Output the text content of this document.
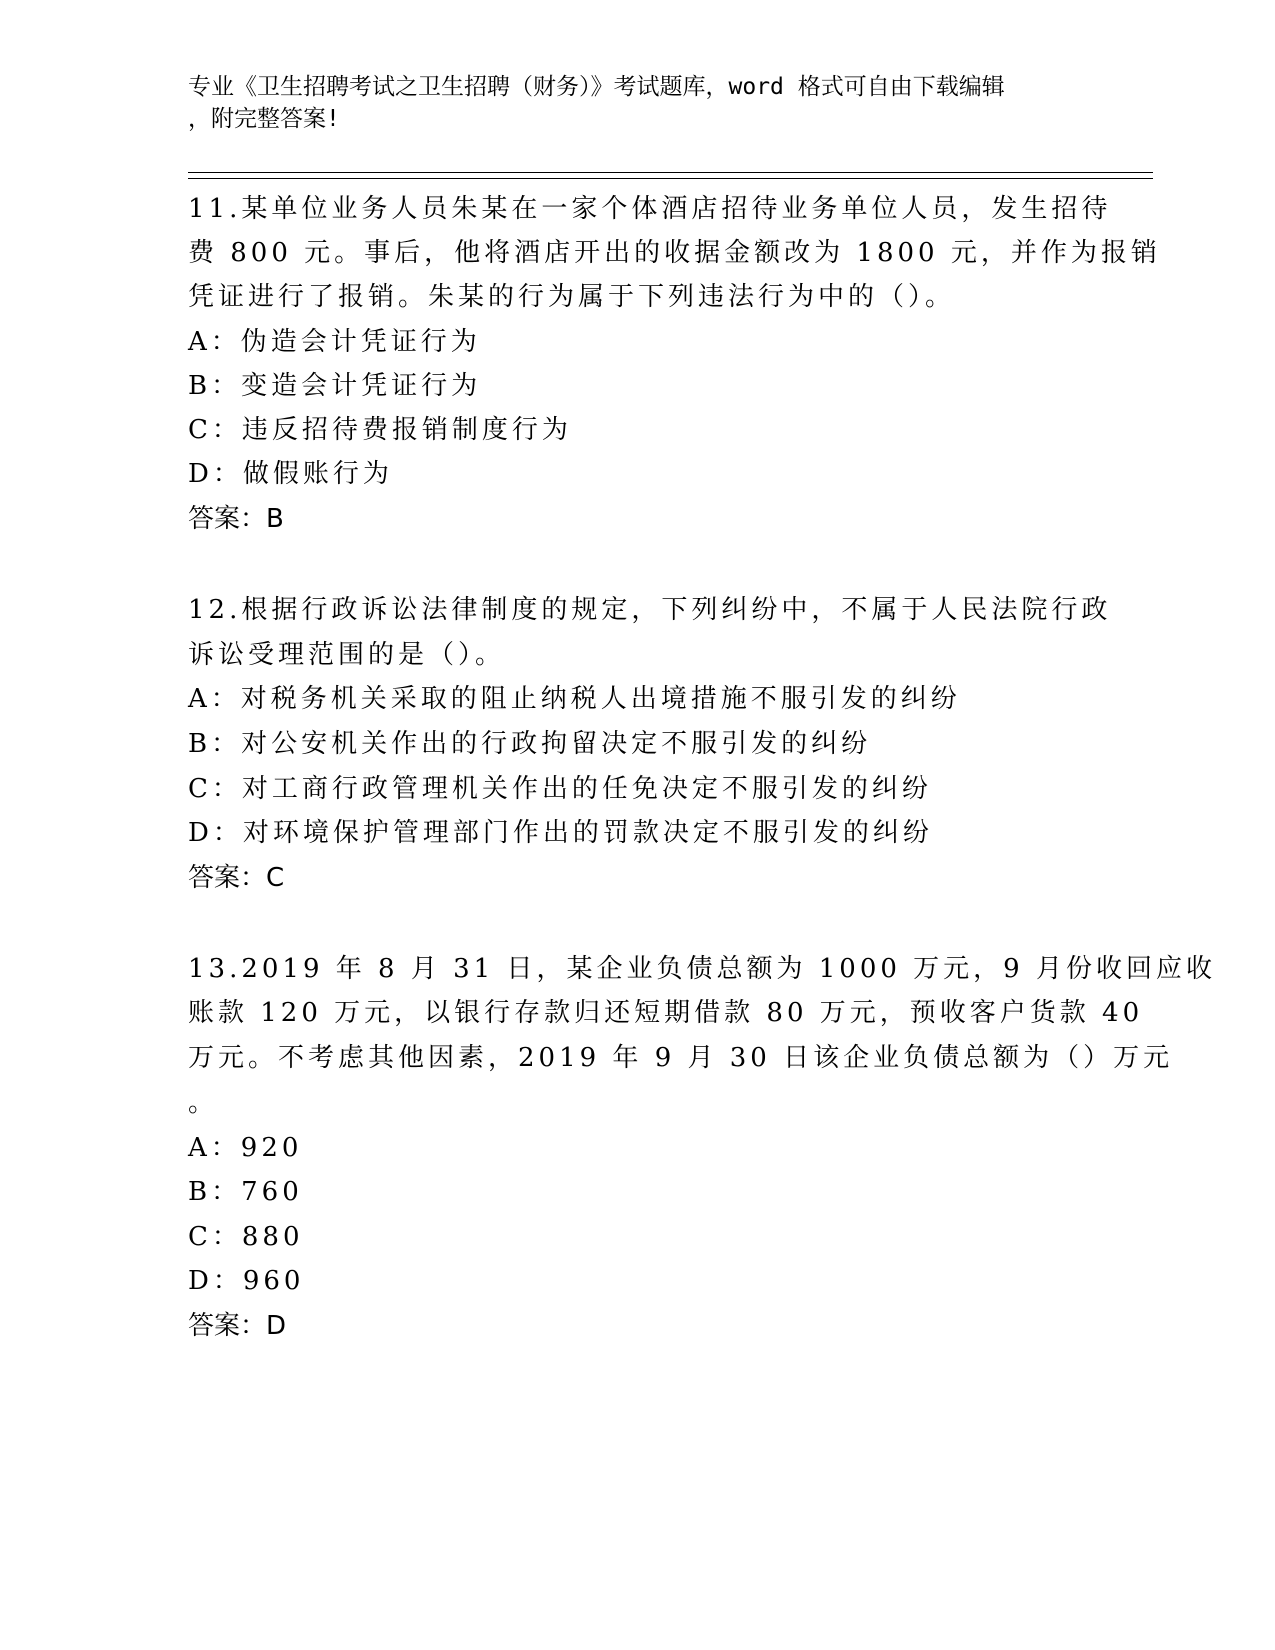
专业《卫生招聘考试之卫生招聘（财务）》考试题库，word 格式可自由下载编辑
，附完整答案!
11.某单位业务人员朱某在一家个体酒店招待业务单位人员，发生招待
费 800 元。事后，他将酒店开出的收据金额改为 1800 元，并作为报销
凭证进行了报销。朱某的行为属于下列违法行为中的（）。
A：伪造会计凭证行为
B：变造会计凭证行为
C：违反招待费报销制度行为
D：做假账行为
答案：B
12.根据行政诉讼法律制度的规定，下列纠纷中，不属于人民法院行政
诉讼受理范围的是（）。
A：对税务机关采取的阻止纳税人出境措施不服引发的纠纷
B：对公安机关作出的行政拘留决定不服引发的纠纷
C：对工商行政管理机关作出的任免决定不服引发的纠纷
D：对环境保护管理部门作出的罚款决定不服引发的纠纷
答案：C
13.2019 年 8 月 31 日，某企业负债总额为 1000 万元，9 月份收回应收
账款 120 万元，以银行存款归还短期借款 80 万元，预收客户货款 40
万元。不考虑其他因素，2019 年 9 月 30 日该企业负债总额为（）万元
。
A：920
B：760
C：880
D：960
答案：D
